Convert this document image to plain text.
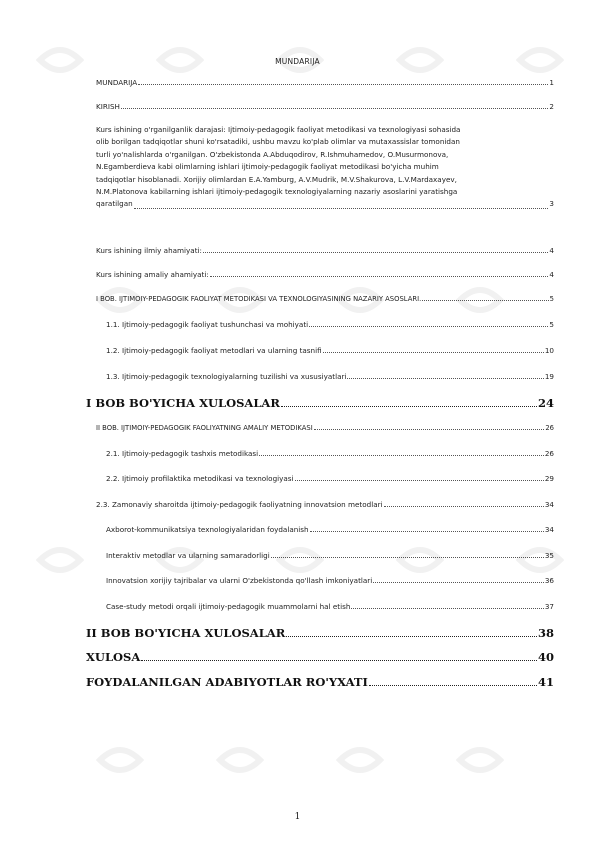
MUNDARIJA
MUNDARIJA	1
KIRISH	2
Kurs ishining o'rganilganlik darajasi: Ijtimoiy-pedagogik faoliyat metodikasi va texnologiyasi sohasida
olib borilgan tadqiqotlar shuni ko'rsatadiki, ushbu mavzu ko'plab olimlar va mutaxassislar tomonidan
turli yo'nalishlarda o'rganilgan. O'zbekistonda A.Abduqodirov, R.Ishmuhamedov, O.Musurmonova,
N.Egamberdieva kabi olimlarning ishlari ijtimoiy-pedagogik faoliyat metodikasi bo'yicha muhim
tadqiqotlar hisoblanadi. Xorijiy olimlardan E.A.Yamburg, A.V.Mudrik, M.V.Shakurova, L.V.Mardaxayev,
N.M.Platonova kabilarning ishlari ijtimoiy-pedagogik texnologiyalarning nazariy asoslarini yaratishga
qaratilgan	3
Kurs ishining ilmiy ahamiyati:	4
Kurs ishining amaliy ahamiyati:	4
I BOB. IJTIMOIY-PEDAGOGIK FAOLIYAT METODIKASI VA TEXNOLOGIYASINING NAZARIY ASOSLARI.	5
1.1. Ijtimoiy-pedagogik faoliyat tushunchasi va mohiyati	5
1.2. Ijtimoiy-pedagogik faoliyat metodlari va ularning tasnifi	10
1.3. Ijtimoiy-pedagogik texnologiyalarning tuzilishi va xususiyatlari	19
I BOB BO'YICHA XULOSALAR	24
II BOB. IJTIMOIY-PEDAGOGIK FAOLIYATNING AMALIY METODIKASI	26
2.1. Ijtimoiy-pedagogik tashxis metodikasi	26
2.2. Ijtimoiy profilaktika metodikasi va texnologiyasi	29
2.3. Zamonaviy sharoitda ijtimoiy-pedagogik faoliyatning innovatsion metodlari	34
Axborot-kommunikatsiya texnologiyalaridan foydalanish	34
Interaktiv metodlar va ularning samaradorligi	35
Innovatsion xorijiy tajribalar va ularni O'zbekistonda qo'llash imkoniyatlari	36
Case-study metodi orqali ijtimoiy-pedagogik muammolarni hal etish	37
II BOB BO'YICHA XULOSALAR	38
XULOSA	40
FOYDALANILGAN ADABIYOTLAR RO'YXATI	41
1
